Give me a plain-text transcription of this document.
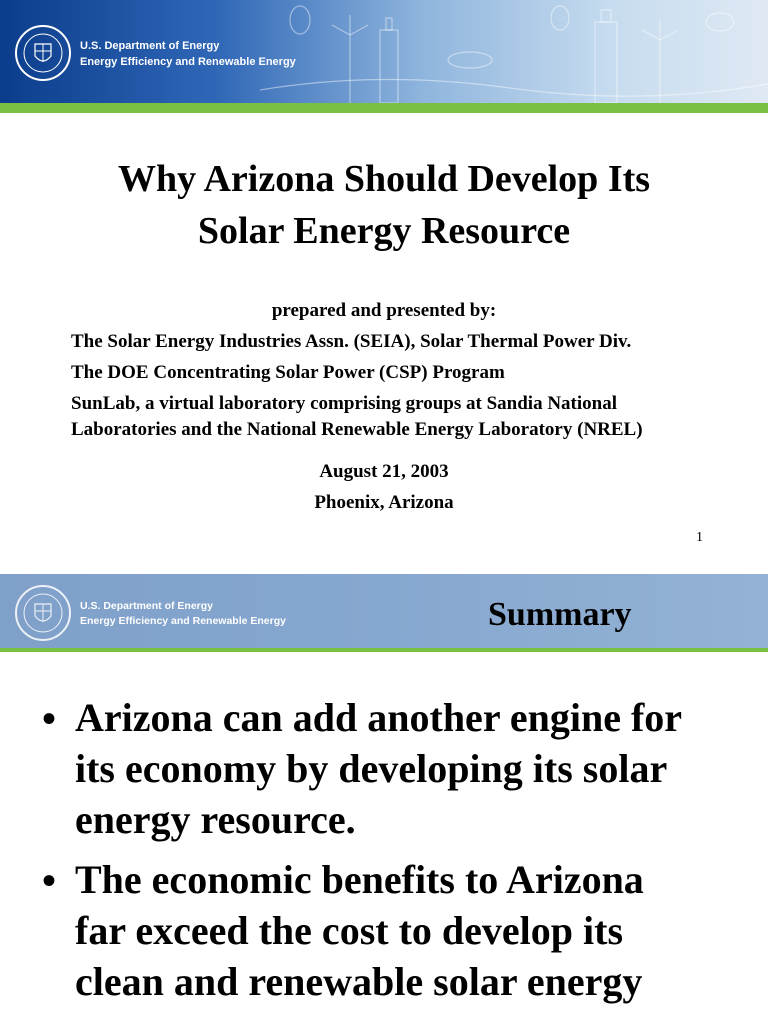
U.S. Department of Energy
Energy Efficiency and Renewable Energy
Why Arizona Should Develop Its
Solar Energy Resource
prepared and presented by:
The Solar Energy Industries Assn. (SEIA), Solar Thermal Power Div.
The DOE Concentrating Solar Power (CSP) Program
SunLab, a virtual laboratory comprising groups at Sandia National
Laboratories and the National Renewable Energy Laboratory (NREL)
August 21, 2003
Phoenix, Arizona
1
U.S. Department of Energy
Energy Efficiency and Renewable Energy	Summary
• Arizona can add another engine for
its economy by developing its solar
energy resource.
• The economic benefits to Arizona
far exceed the cost to develop its
clean and renewable solar energy
